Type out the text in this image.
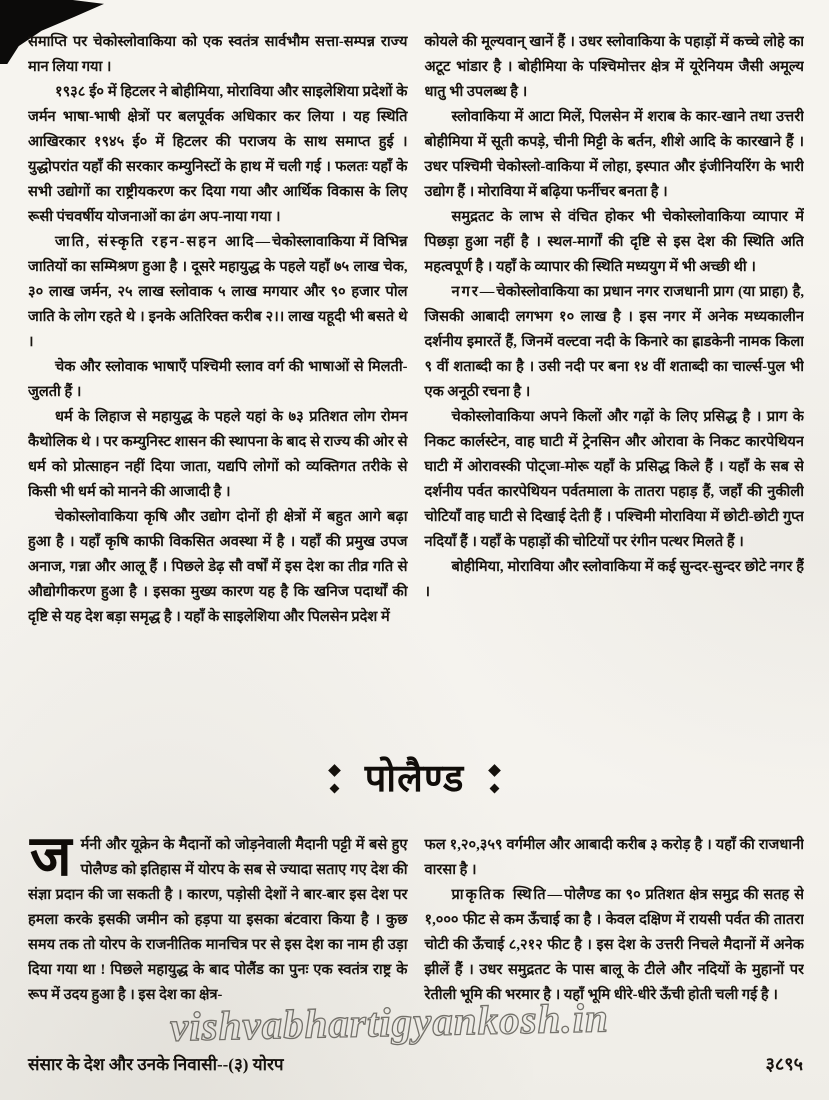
समाप्ति पर चेकोस्लोवाकिया को एक स्वतंत्र सार्वभौम सत्ता-सम्पन्न राज्य मान लिया गया ।

१९३८ ई० में हिटलर ने बोहीमिया, मोराविया और साइलेशिया प्रदेशों के जर्मन भाषा-भाषी क्षेत्रों पर बलपूर्वक अधिकार कर लिया । यह स्थिति आखिरकार १९४५ ई० में हिटलर की पराजय के साथ समाप्त हुई । युद्धोपरांत यहाँ की सरकार कम्युनिस्टों के हाथ में चली गई । फलतः यहाँ के सभी उद्योगों का राष्ट्रीयकरण कर दिया गया और आर्थिक विकास के लिए रूसी पंचवर्षीय योजनाओं का ढंग अप-नाया गया ।

जाति, संस्कृति रहन-सहन आदि—चेकोस्लावाकिया में विभिन्न जातियों का सम्मिश्रण हुआ है । दूसरे महायुद्ध के पहले यहाँ ७५ लाख चेक, ३० लाख जर्मन, २५ लाख स्लोवाक ५ लाख मगयार और ९० हजार पोल जाति के लोग रहते थे । इनके अतिरिक्त करीब २।। लाख यहूदी भी बसते थे ।

चेक और स्लोवाक भाषाएँ पश्चिमी स्लाव वर्ग की भाषाओं से मिलती-जुलती हैं ।

धर्म के लिहाज से महायुद्ध के पहले यहां के ७३ प्रतिशत लोग रोमन कैथोलिक थे । पर कम्युनिस्ट शासन की स्थापना के बाद से राज्य की ओर से धर्म को प्रोत्साहन नहीं दिया जाता, यद्यपि लोगों को व्यक्तिगत तरीके से किसी भी धर्म को मानने की आजादी है ।

चेकोस्लोवाकिया कृषि और उद्योग दोनों ही क्षेत्रों में बहुत आगे बढ़ा हुआ है । यहाँ कृषि काफी विकसित अवस्था में है । यहाँ की प्रमुख उपज अनाज, गन्ना और आलू हैं । पिछले डेढ़ सौ वर्षों में इस देश का तीव्र गति से औद्योगीकरण हुआ है । इसका मुख्य कारण यह है कि खनिज पदार्थों की दृष्टि से यह देश बड़ा समृद्ध है । यहाँ के साइलेशिया और पिलसेन प्रदेश में

कोयले की मूल्यवान् खानें हैं । उधर स्लोवाकिया के पहाड़ों में कच्चे लोहे का अटूट भांडार है । बोहीमिया के पश्चिमोत्तर क्षेत्र में यूरेनियम जैसी अमूल्य धातु भी उपलब्ध है ।

स्लोवाकिया में आटा मिलें, पिलसेन में शराब के कार-खाने तथा उत्तरी बोहीमिया में सूती कपड़े, चीनी मिट्टी के बर्तन, शीशे आदि के कारखाने हैं । उधर पश्चिमी चेकोस्लो-वाकिया में लोहा, इस्पात और इंजीनियरिंग के भारी उद्योग हैं । मोराविया में बढ़िया फर्नीचर बनता है ।

समुद्रतट के लाभ से वंचित होकर भी चेकोस्लोवाकिया व्यापार में पिछड़ा हुआ नहीं है । स्थल-मार्गों की दृष्टि से इस देश की स्थिति अति महत्वपूर्ण है । यहाँ के व्यापार की स्थिति मध्ययुग में भी अच्छी थी ।

नगर—चेकोस्लोवाकिया का प्रधान नगर राजधानी प्राग (या प्राहा) है, जिसकी आबादी लगभग १० लाख है । इस नगर में अनेक मध्यकालीन दर्शनीय इमारतें हैं, जिनमें वल्टवा नदी के किनारे का ह्राडकेनी नामक किला ९ वीं शताब्दी का है । उसी नदी पर बना १४ वीं शताब्दी का चार्ल्स-पुल भी एक अनूठी रचना है ।

चेकोस्लोवाकिया अपने किलों और गढ़ों के लिए प्रसिद्ध है । प्राग के निकट कार्लस्टेन, वाह घाटी में ट्रेनसिन और ओरावा के निकट कारपेथियन घाटी में ओरावस्की पोट्जा-मोरू यहाँ के प्रसिद्ध किले हैं । यहाँ के सब से दर्शनीय पर्वत कारपेथियन पर्वतमाला के तातरा पहाड़ हैं, जहाँ की नुकीली चोटियाँ वाह घाटी से दिखाई देती हैं । पश्चिमी मोराविया में छोटी-छोटी गुप्त नदियाँ हैं । यहाँ के पहाड़ों की चोटियों पर रंगीन पत्थर मिलते हैं ।

बोहीमिया, मोराविया और स्लोवाकिया में कई सुन्दर-सुन्दर छोटे नगर हैं ।

पोलैण्ड

जर्मनी और यूक्रेन के मैदानों को जोड़नेवाली मैदानी पट्टी में बसे हुए पोलैण्ड को इतिहास में योरप के सब से ज्यादा सताए गए देश की संज्ञा प्रदान की जा सकती है । कारण, पड़ोसी देशों ने बार-बार इस देश पर हमला करके इसकी जमीन को हड़पा या इसका बंटवारा किया है । कुछ समय तक तो योरप के राजनीतिक मानचित्र पर से इस देश का नाम ही उड़ा दिया गया था ! पिछले महायुद्ध के बाद पोलैंड का पुनः एक स्वतंत्र राष्ट्र के रूप में उदय हुआ है । इस देश का क्षेत्र-

फल १,२०,३५९ वर्गमील और आबादी करीब ३ करोड़ है । यहाँ की राजधानी वारसा है ।

प्राकृतिक स्थिति—पोलैण्ड का ९० प्रतिशत क्षेत्र समुद्र की सतह से १,००० फीट से कम ऊँचाई का है । केवल दक्षिण में रायसी पर्वत की तातरा चोटी की ऊँचाई ८,२१२ फीट है । इस देश के उत्तरी निचले मैदानों में अनेक झीलें हैं । उधर समुद्रतट के पास बालू के टीले और नदियों के मुहानों पर रेतीली भूमि की भरमार है । यहाँ भूमि धीरे-धीरे ऊँची होती चली गई है ।

vishvabhartigyankosh.in
संसार के देश और उनके निवासी--(३) योरप	३८९५
